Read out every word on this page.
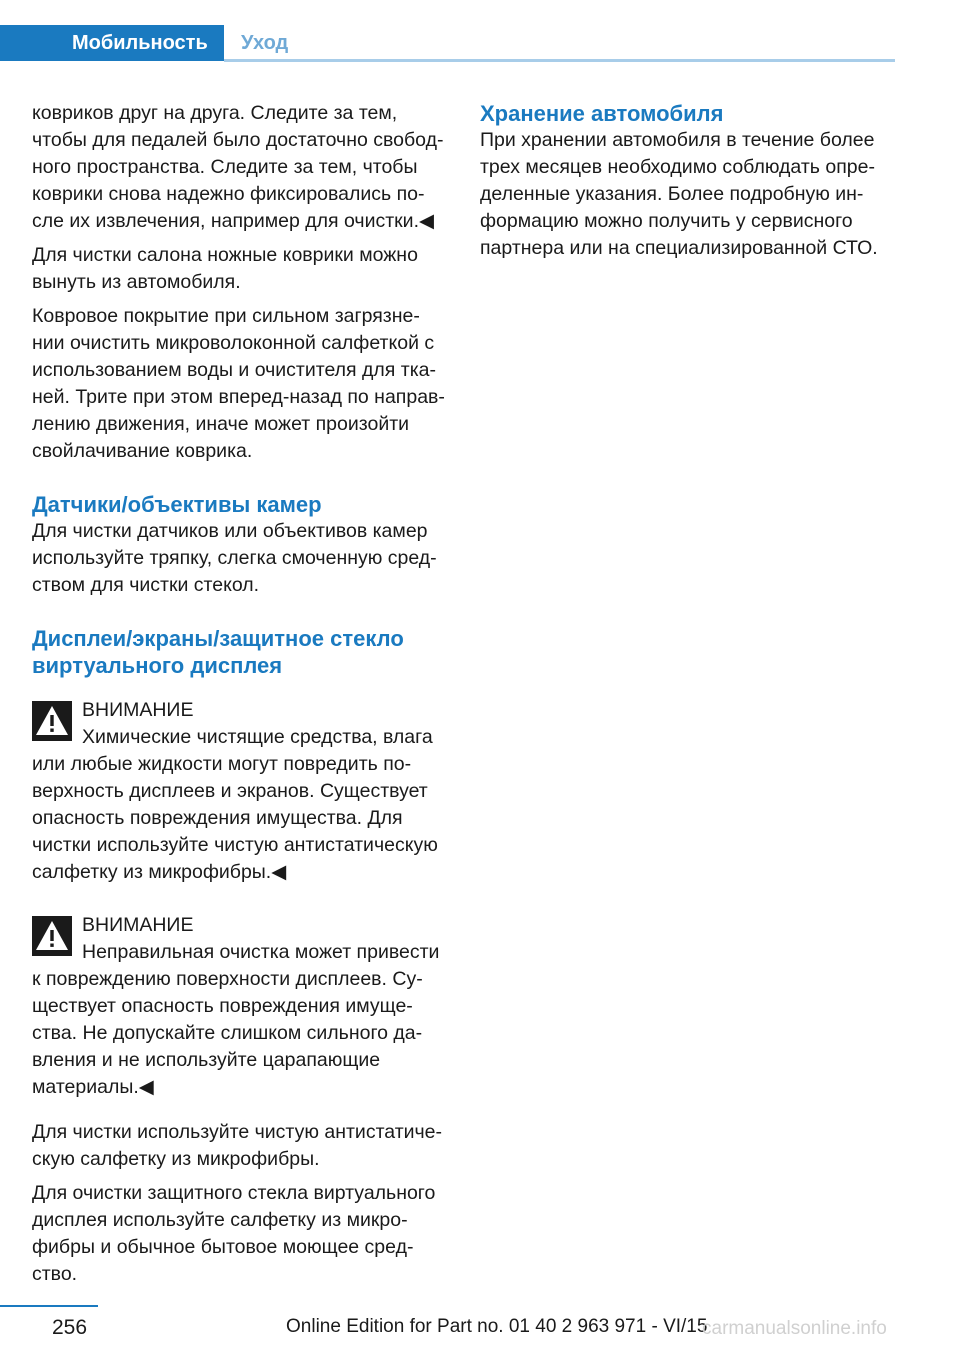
Мобильность	Уход

ковриков друг на друга. Следите за тем, чтобы для педалей было достаточно свобод‐ного пространства. Следите за тем, чтобы коврики снова надежно фиксировались по‐сле их извлечения, например для очистки.◀

Для чистки салона ножные коврики можно вынуть из автомобиля.

Ковровое покрытие при сильном загрязне‐нии очистить микроволоконной салфеткой с использованием воды и очистителя для тка‐ней. Трите при этом вперед-назад по направ‐лению движения, иначе может произойти свойлачивание коврика.

Датчики/объективы камер

Для чистки датчиков или объективов камер используйте тряпку, слегка смоченную сред‐ством для чистки стекол.

Дисплеи/экраны/защитное стекло виртуального дисплея

ВНИМАНИЕ

Химические чистящие средства, влага

или любые жидкости могут повредить по‐верхность дисплеев и экранов. Существует опасность повреждения имущества. Для чистки используйте чистую антистатическую салфетку из микрофибры.◀

ВНИМАНИЕ

Неправильная очистка может привести

к повреждению поверхности дисплеев. Су‐ществует опасность повреждения имуще‐ства. Не допускайте слишком сильного да‐вления и не используйте царапающие материалы.◀

Для чистки используйте чистую антистатиче‐скую салфетку из микрофибры.

Для очистки защитного стекла виртуального дисплея используйте салфетку из микро‐фибры и обычное бытовое моющее сред‐ство.

Хранение автомобиля

При хранении автомобиля в течение более трех месяцев необходимо соблюдать опре‐деленные указания. Более подробную ин‐формацию можно получить у сервисного партнера или на специализированной СТО.

256	Online Edition for Part no. 01 40 2 963 971 - VI/15
carmanualsonline.info
